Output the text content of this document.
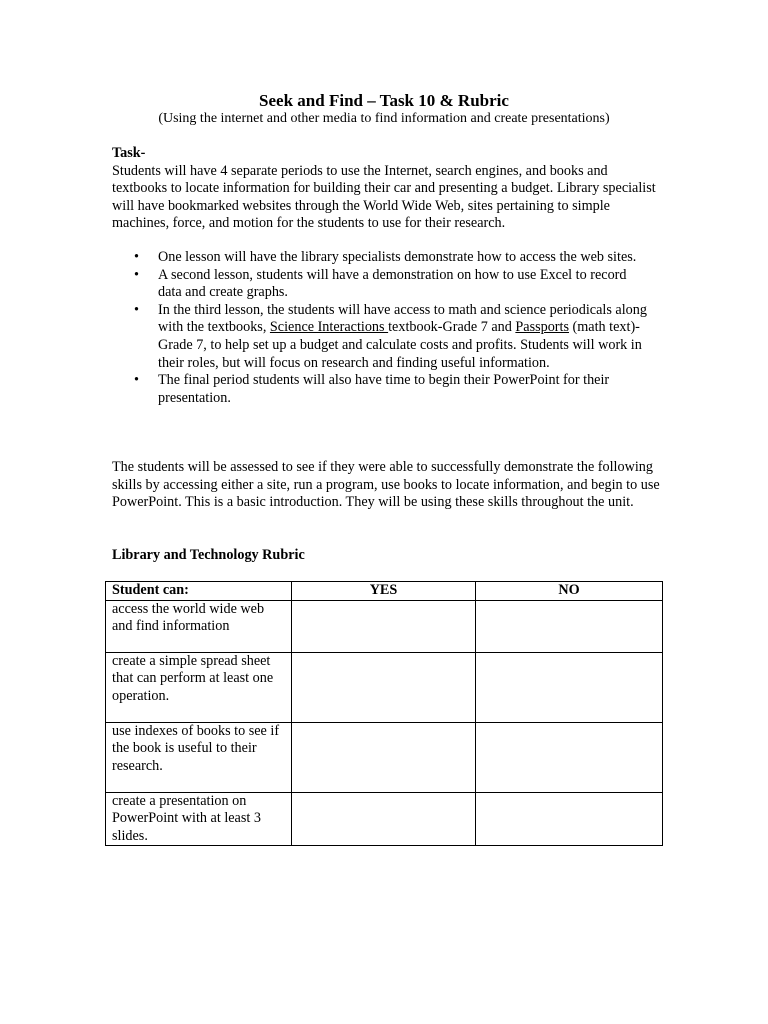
Seek and Find – Task 10 & Rubric
(Using the internet and other media to find information and create presentations)
Task-
Students will have 4 separate periods to use the Internet, search engines, and books and textbooks to locate information for building their car and presenting a budget. Library specialist will have bookmarked websites through the World Wide Web, sites pertaining to simple machines, force, and motion for the students to use for their research.
• One lesson will have the library specialists demonstrate how to access the web sites.
• A second lesson, students will have a demonstration on how to use Excel to record data and create graphs.
• In the third lesson, the students will have access to math and science periodicals along with the textbooks, Science Interactions textbook-Grade 7 and Passports (math text)-Grade 7, to help set up a budget and calculate costs and profits. Students will work in their roles, but will focus on research and finding useful information.
• The final period students will also have time to begin their PowerPoint for their presentation.
The students will be assessed to see if they were able to successfully demonstrate the following skills by accessing either a site, run a program, use books to locate information, and begin to use PowerPoint. This is a basic introduction. They will be using these skills throughout the unit.
Library and Technology Rubric
Student can:	YES	NO
access the world wide web and find information		
create a simple spread sheet that can perform at least one operation.		
use indexes of books to see if the book is useful to their research.		
create a presentation on PowerPoint with at least 3 slides.		
